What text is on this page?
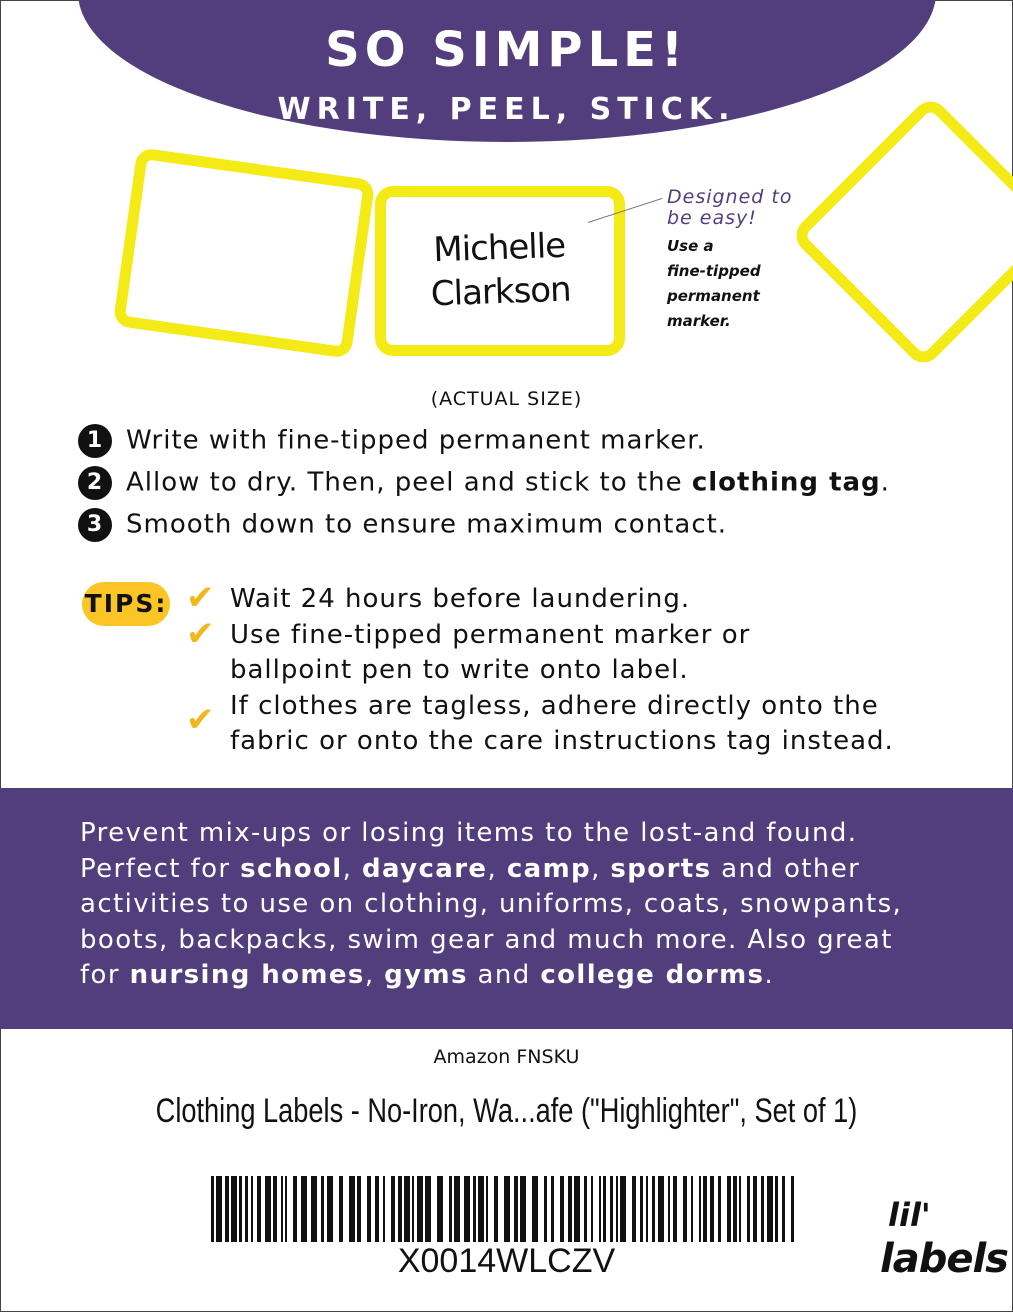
SO SIMPLE!
WRITE, PEEL, STICK.
Michelle
Clarkson
Designed to
be easy!
Use a
fine-tipped
permanent
marker.
(ACTUAL SIZE)
1 Write with fine-tipped permanent marker.
2 Allow to dry. Then, peel and stick to the clothing tag.
3 Smooth down to ensure maximum contact.
TIPS: ✔ Wait 24 hours before laundering.
✔ Use fine-tipped permanent marker or
ballpoint pen to write onto label.
✔ If clothes are tagless, adhere directly onto the
fabric or onto the care instructions tag instead.
Prevent mix-ups or losing items to the lost-and found.
Perfect for school, daycare, camp, sports and other
activities to use on clothing, uniforms, coats, snowpants,
boots, backpacks, swim gear and much more. Also great
for nursing homes, gyms and college dorms.
Amazon FNSKU
Clothing Labels - No-Iron, Wa...afe ("Highlighter", Set of 1)
X0014WLCZV
lil'
labels
